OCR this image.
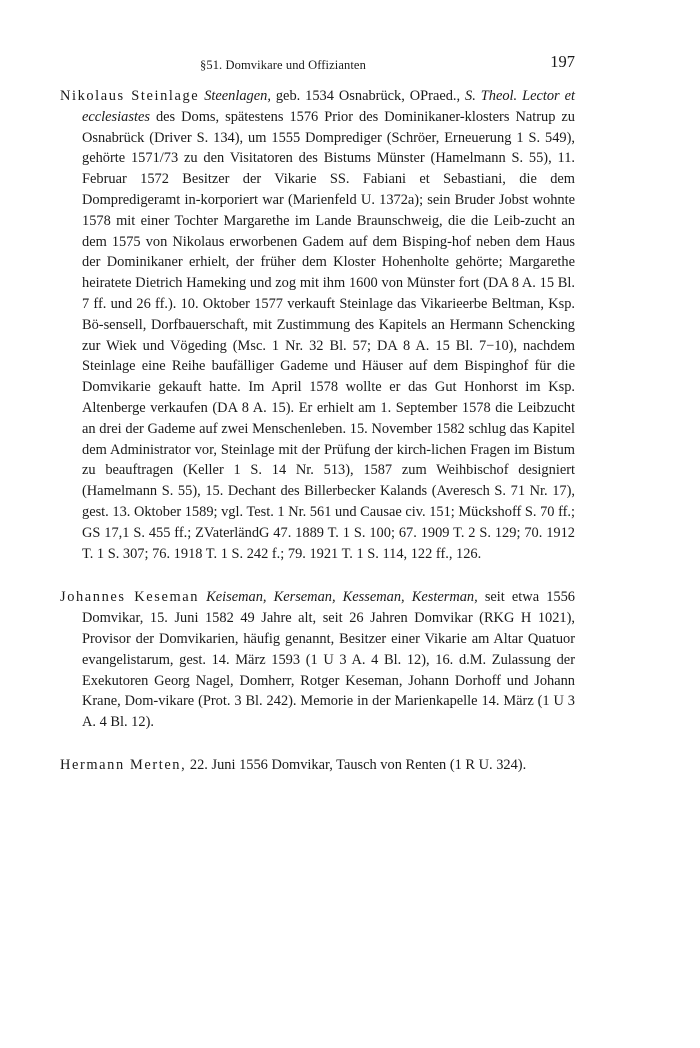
§51. Domvikare und Offizianten	197

Nikolaus Steinlage Steenlagen, geb. 1534 Osnabrück, OPraed., S. Theol. Lector et ecclesiastes des Doms, spätestens 1576 Prior des Dominikaner-klosters Natrup zu Osnabrück (Driver S. 134), um 1555 Domprediger (Schröer, Erneuerung 1 S. 549), gehörte 1571/73 zu den Visitatoren des Bistums Münster (Hamelmann S. 55), 11. Februar 1572 Besitzer der Vikarie SS. Fabiani et Sebastiani, die dem Dompredigeramt in-korporiert war (Marienfeld U. 1372a); sein Bruder Jobst wohnte 1578 mit einer Tochter Margarethe im Lande Braunschweig, die die Leib-zucht an dem 1575 von Nikolaus erworbenen Gadem auf dem Bisping-hof neben dem Haus der Dominikaner erhielt, der früher dem Kloster Hohenholte gehörte; Margarethe heiratete Dietrich Hameking und zog mit ihm 1600 von Münster fort (DA 8 A. 15 Bl. 7 ff. und 26 ff.). 10. Oktober 1577 verkauft Steinlage das Vikarieerbe Beltman, Ksp. Bö-sensell, Dorfbauerschaft, mit Zustimmung des Kapitels an Hermann Schencking zur Wiek und Vögeding (Msc. 1 Nr. 32 Bl. 57; DA 8 A. 15 Bl. 7−10), nachdem Steinlage eine Reihe baufälliger Gademe und Häuser auf dem Bispinghof für die Domvikarie gekauft hatte. Im April 1578 wollte er das Gut Honhorst im Ksp. Altenberge verkaufen (DA 8 A. 15). Er erhielt am 1. September 1578 die Leibzucht an drei der Gademe auf zwei Menschenleben. 15. November 1582 schlug das Kapitel dem Administrator vor, Steinlage mit der Prüfung der kirch-lichen Fragen im Bistum zu beauftragen (Keller 1 S. 14 Nr. 513), 1587 zum Weihbischof designiert (Hamelmann S. 55), 15. Dechant des Billerbecker Kalands (Averesch S. 71 Nr. 17), gest. 13. Oktober 1589; vgl. Test. 1 Nr. 561 und Causae civ. 151; Mückshoff S. 70 ff.; GS 17,1 S. 455 ff.; ZVaterländG 47. 1889 T. 1 S. 100; 67. 1909 T. 2 S. 129; 70. 1912 T. 1 S. 307; 76. 1918 T. 1 S. 242 f.; 79. 1921 T. 1 S. 114, 122 ff., 126.

Johannes Keseman Keiseman, Kerseman, Kesseman, Kesterman, seit etwa 1556 Domvikar, 15. Juni 1582 49 Jahre alt, seit 26 Jahren Domvikar (RKG H 1021), Provisor der Domvikarien, häufig genannt, Besitzer einer Vikarie am Altar Quatuor evangelistarum, gest. 14. März 1593 (1 U 3 A. 4 Bl. 12), 16. d.M. Zulassung der Exekutoren Georg Nagel, Domherr, Rotger Keseman, Johann Dorhoff und Johann Krane, Dom-vikare (Prot. 3 Bl. 242). Memorie in der Marienkapelle 14. März (1 U 3 A. 4 Bl. 12).

Hermann Merten, 22. Juni 1556 Domvikar, Tausch von Renten (1 R U. 324).
